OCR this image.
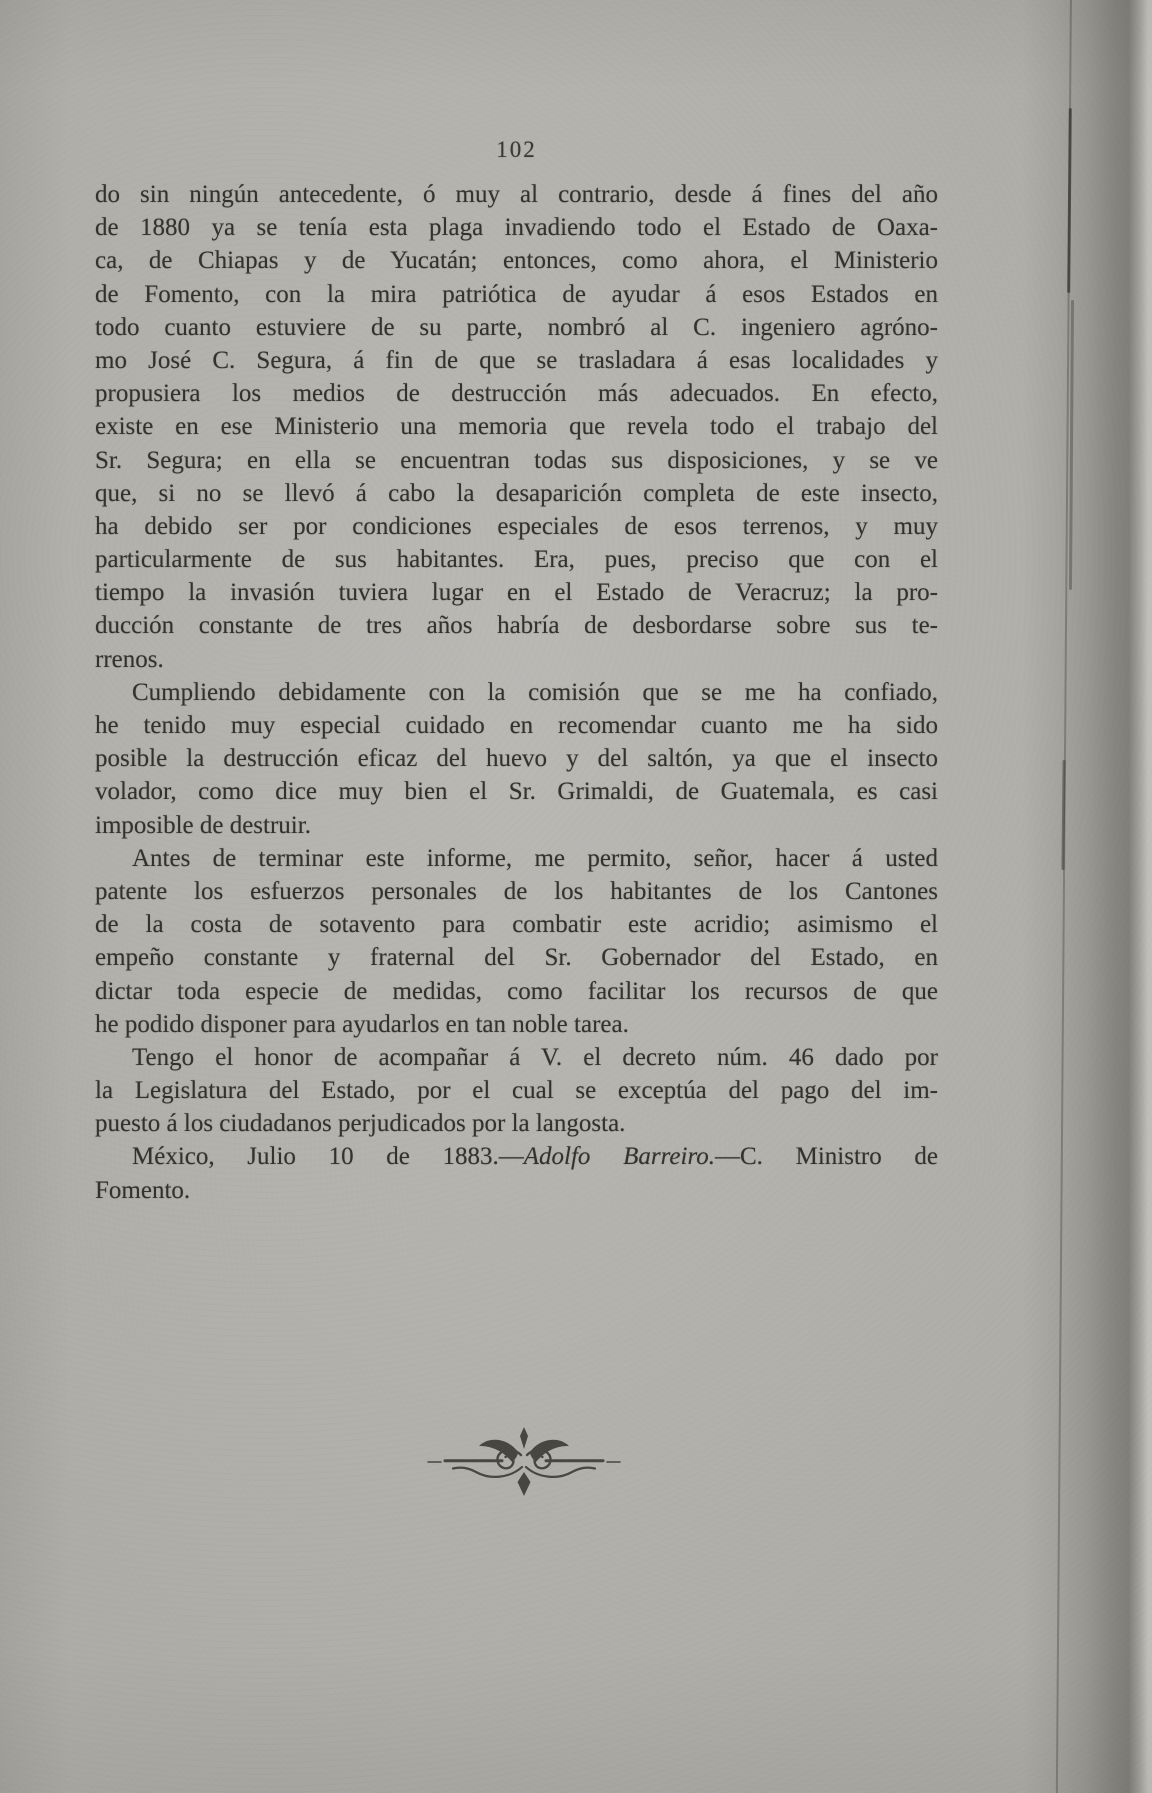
102
do sin ningún antecedente, ó muy al contrario, desde á fines del año
de 1880 ya se tenía esta plaga invadiendo todo el Estado de Oaxa-
ca, de Chiapas y de Yucatán; entonces, como ahora, el Ministerio
de Fomento, con la mira patriótica de ayudar á esos Estados en
todo cuanto estuviere de su parte, nombró al C. ingeniero agróno-
mo José C. Segura, á fin de que se trasladara á esas localidades y
propusiera los medios de destrucción más adecuados. En efecto,
existe en ese Ministerio una memoria que revela todo el trabajo del
Sr. Segura; en ella se encuentran todas sus disposiciones, y se ve
que, si no se llevó á cabo la desaparición completa de este insecto,
ha debido ser por condiciones especiales de esos terrenos, y muy
particularmente de sus habitantes. Era, pues, preciso que con el
tiempo la invasión tuviera lugar en el Estado de Veracruz; la pro-
ducción constante de tres años habría de desbordarse sobre sus te-
rrenos.
Cumpliendo debidamente con la comisión que se me ha confiado,
he tenido muy especial cuidado en recomendar cuanto me ha sido
posible la destrucción eficaz del huevo y del saltón, ya que el insecto
volador, como dice muy bien el Sr. Grimaldi, de Guatemala, es casi
imposible de destruir.
Antes de terminar este informe, me permito, señor, hacer á usted
patente los esfuerzos personales de los habitantes de los Cantones
de la costa de sotavento para combatir este acridio; asimismo el
empeño constante y fraternal del Sr. Gobernador del Estado, en
dictar toda especie de medidas, como facilitar los recursos de que
he podido disponer para ayudarlos en tan noble tarea.
Tengo el honor de acompañar á V. el decreto núm. 46 dado por
la Legislatura del Estado, por el cual se exceptúa del pago del im-
puesto á los ciudadanos perjudicados por la langosta.
México, Julio 10 de 1883.—Adolfo Barreiro.—C. Ministro de
Fomento.
